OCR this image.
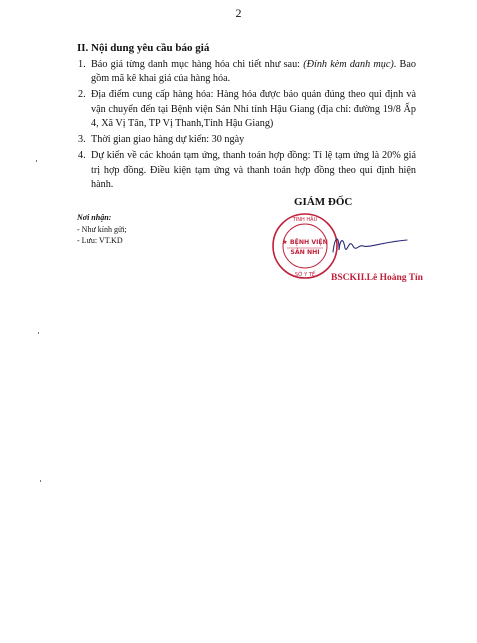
2
II. Nội dung yêu cầu báo giá
1. Báo giá từng danh mục hàng hóa chi tiết như sau: (Đính kèm danh mục). Bao gồm mã kê khai giá của hàng hóa.
2. Địa điểm cung cấp hàng hóa: Hàng hóa được bảo quản đúng theo qui định và vận chuyển đến tại Bệnh viện Sản Nhi tỉnh Hậu Giang (địa chỉ: đường 19/8 Ấp 4, Xã Vị Tân, TP Vị Thanh,Tỉnh Hậu Giang)
3. Thời gian giao hàng dự kiến: 30 ngày
4. Dự kiến về các khoản tạm ứng, thanh toán hợp đồng: Tỉ lệ tạm ứng là 20% giá trị hợp đồng. Điều kiện tạm ứng và thanh toán hợp đồng theo qui định hiện hành.
Nơi nhận:
- Như kính gửi;
- Lưu: VT.KD
GIÁM ĐỐC
TỈNH HẬU
SỞ Y TẾ
★ BỆNH VIỆN
SẢN NHI
BSCKII.Lê Hoàng Tín
